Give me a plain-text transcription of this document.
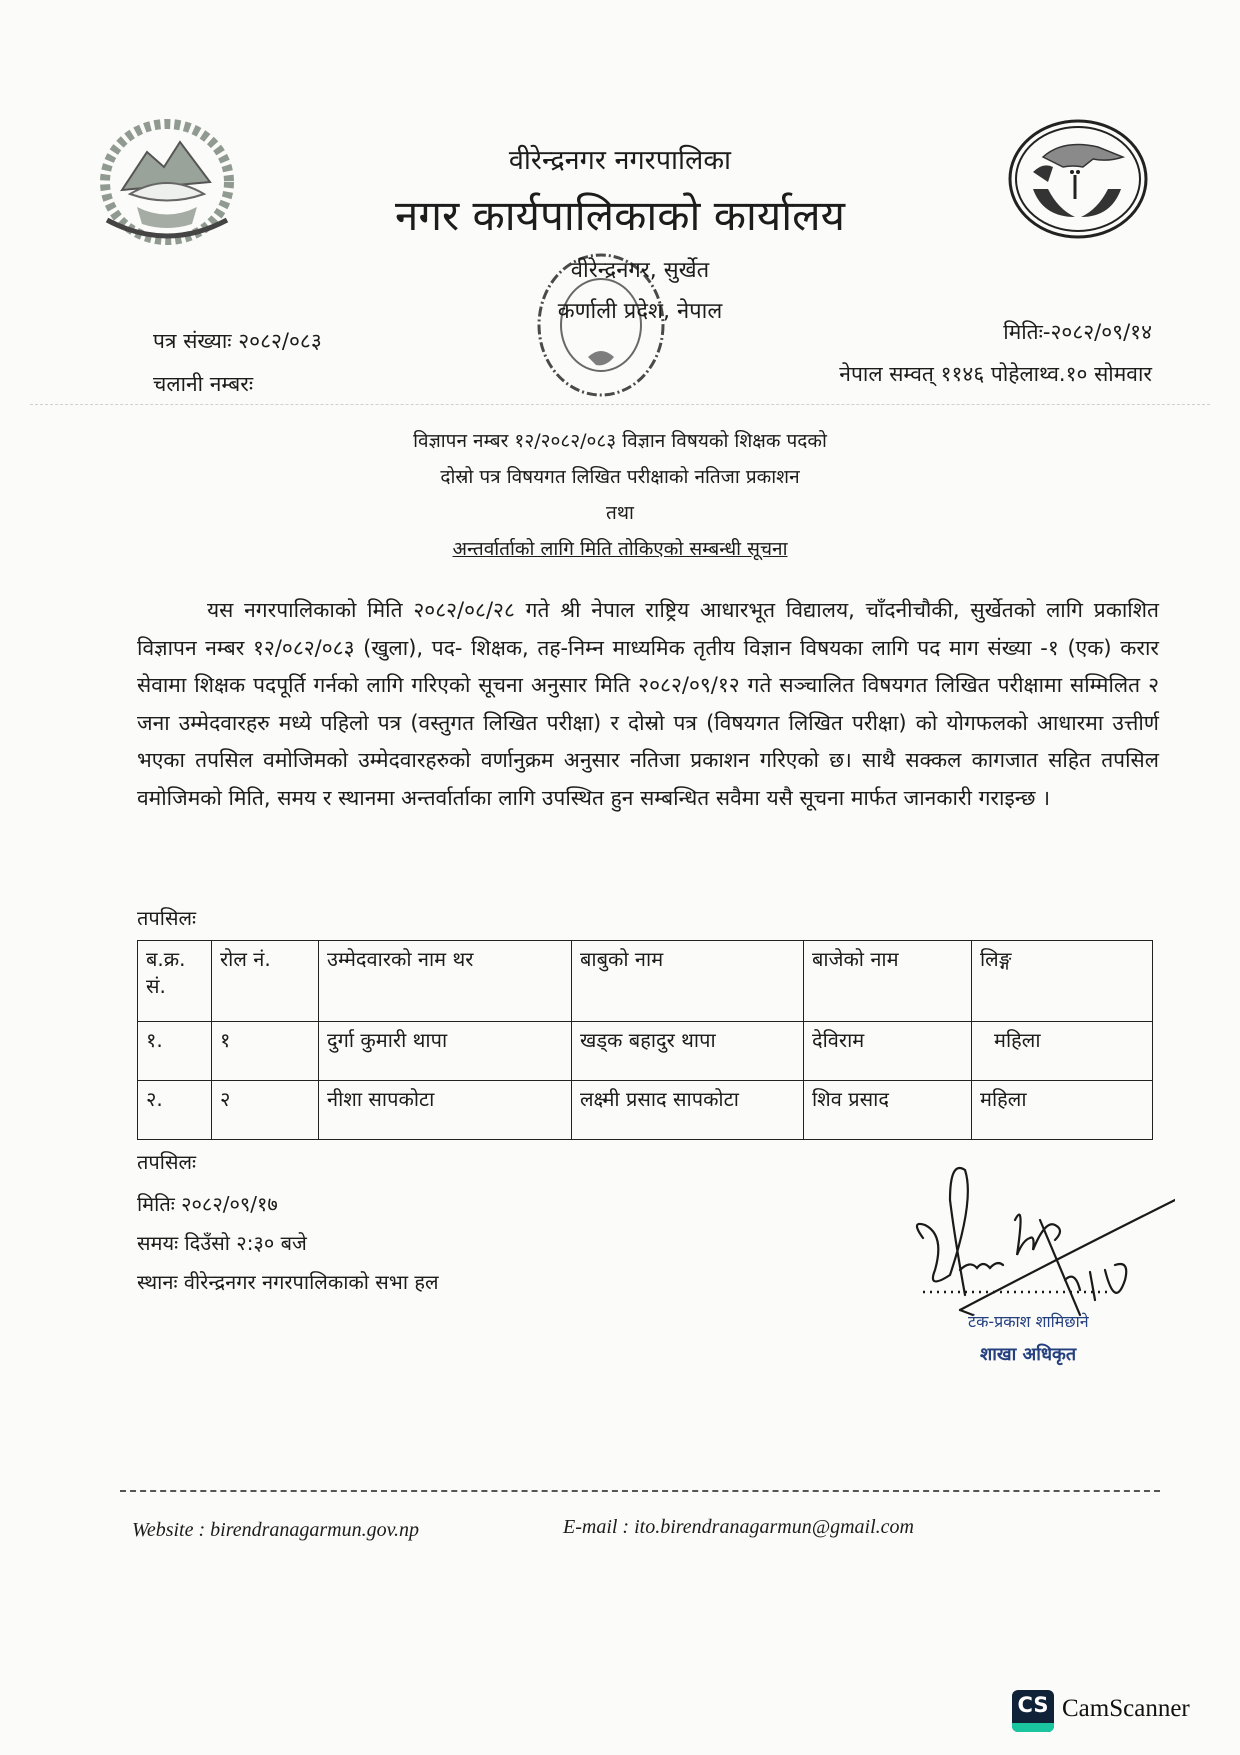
वीरेन्द्रनगर नगरपालिका
नगर कार्यपालिकाको कार्यालय
वीरेन्द्रनगर, सुर्खेत
कर्णाली प्रदेश, नेपाल
पत्र संख्याः २०८२/०८३
चलानी नम्बरः
मितिः-२०८२/०९/१४
नेपाल सम्वत् ११४६ पोहेलाथ्व.१० सोमवार
विज्ञापन नम्बर १२/२०८२/०८३ विज्ञान विषयको शिक्षक पदको
दोस्रो पत्र विषयगत लिखित परीक्षाको नतिजा प्रकाशन
तथा
अन्तर्वार्ताको लागि मिति तोकिएको सम्बन्धी सूचना
यस नगरपालिकाको मिति २०८२/०८/२८ गते श्री नेपाल राष्ट्रिय आधारभूत विद्यालय, चाँदनीचौकी, सुर्खेतको लागि प्रकाशित विज्ञापन नम्बर १२/०८२/०८३ (खुला), पद- शिक्षक, तह-निम्न माध्यमिक तृतीय विज्ञान विषयका लागि पद माग संख्या -१ (एक) करार सेवामा शिक्षक पदपूर्ति गर्नको लागि गरिएको सूचना अनुसार मिति २०८२/०९/१२ गते सञ्चालित विषयगत लिखित परीक्षामा सम्मिलित २ जना उम्मेदवारहरु मध्ये पहिलो पत्र (वस्तुगत लिखित परीक्षा) र दोस्रो पत्र (विषयगत लिखित परीक्षा) को योगफलको आधारमा उत्तीर्ण भएका तपसिल वमोजिमको उम्मेदवारहरुको वर्णानुक्रम अनुसार नतिजा प्रकाशन गरिएको छ। साथै सक्कल कागजात सहित तपसिल वमोजिमको मिति, समय र स्थानमा अन्तर्वार्ताका लागि उपस्थित हुन सम्बन्धित सवैमा यसै सूचना मार्फत जानकारी गराइन्छ ।
तपसिलः
ब.क्र. सं.	रोल नं.	उम्मेदवारको नाम थर	बाबुको नाम	बाजेको नाम	लिङ्ग
१.	१	दुर्गा कुमारी थापा	खड्क बहादुर थापा	देविराम	महिला
२.	२	नीशा सापकोटा	लक्ष्मी प्रसाद सापकोटा	शिव प्रसाद	महिला
तपसिलः
मितिः २०८२/०९/१७
समयः दिउँसो २:३० बजे
स्थानः वीरेन्द्रनगर नगरपालिकाको सभा हल
टंक-प्रकाश शामिछाने
शाखा अधिकृत
Website : birendranagarmun.gov.np	E-mail : ito.birendranagarmun@gmail.com
CS CamScanner
